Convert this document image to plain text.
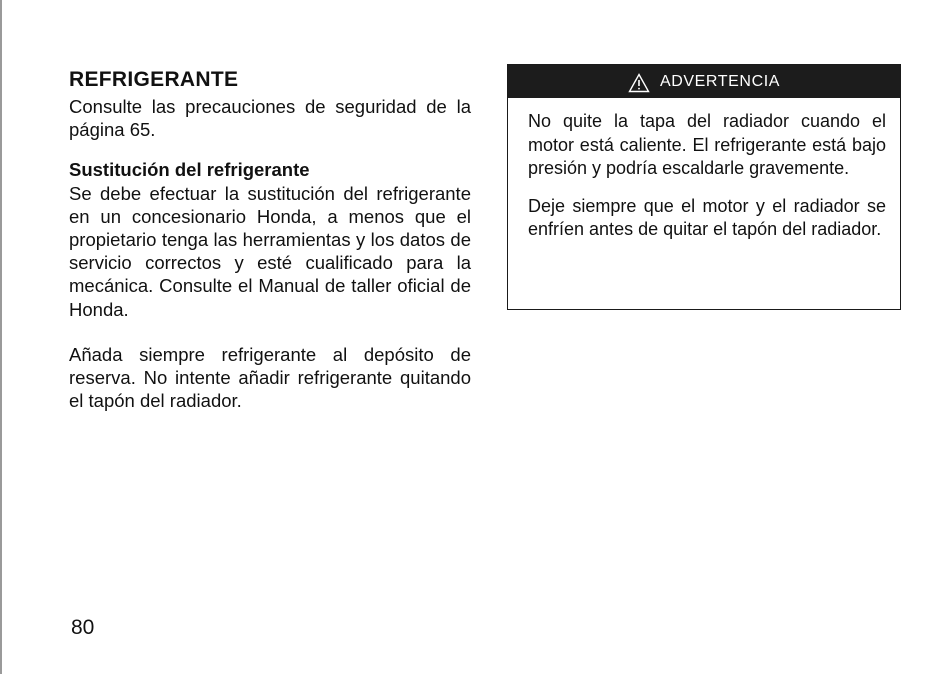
REFRIGERANTE

Consulte las precauciones de seguridad de la página 65.

Sustitución del refrigerante

Se debe efectuar la sustitución del refrigerante en un concesionario Honda, a menos que el propietario tenga las herramientas y los datos de servicio correctos y esté cualificado para la mecánica. Consulte el Manual de taller oficial de Honda.

Añada siempre refrigerante al depósito de reserva. No intente añadir refrigerante quitando el tapón del radiador.

ADVERTENCIA

No quite la tapa del radiador cuando el motor está caliente. El refrigerante está bajo presión y podría escaldarle gravemente.

Deje siempre que el motor y el radiador se enfríen antes de quitar el tapón del radiador.

80
